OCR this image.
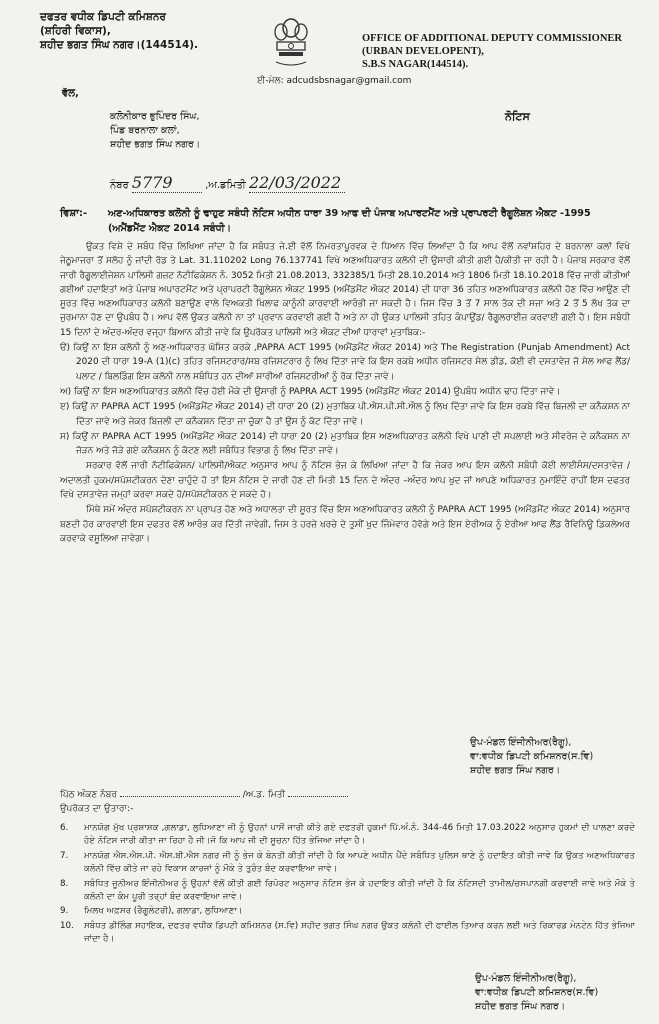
ਦਫਤਰ ਵਧੀਕ ਡਿਪਟੀ ਕਮਿਸ਼ਨਰ
(ਸ਼ਹਿਰੀ ਵਿਕਾਸ),
ਸ਼ਹੀਦ ਭਗਤ ਸਿੰਘ ਨਗਰ।(144514).
OFFICE OF ADDITIONAL DEPUTY COMMISSIONER
(URBAN DEVELOPENT),
S.B.S NAGAR(144514).
ਈ-ਮੇਲ: adcudsbsnagar@gmail.com
ਵੱਲ,
ਕਲੋਨੀਕਾਰ ਭੁਪਿੰਦਰ ਸਿੰਘ,
ਪਿੰਡ ਬਰਨਾਲਾ ਕਲਾਂ,
ਸ਼ਹੀਦ ਭਗਤ ਸਿੰਘ ਨਗਰ।
ਨੋਟਿਸ
ਨੰਬਰ 5779	,ਅ.ਡਮਿਤੀ 22/03/2022
ਵਿਸ਼ਾ:- ਅਣ-ਅਧਿਕਾਰਤ ਕਲੋਨੀ ਨੂੰ ਢਾਹੁਣ ਸਬੰਧੀ ਨੋਟਿਸ ਅਧੀਨ ਧਾਰਾ 39 ਆਫ ਦੀ ਪੰਜਾਬ ਅਪਾਰਟਮੈਂਟ ਅਤੇ ਪ੍ਰਾਪਰਟੀ ਰੈਗੂਲੇਸ਼ਨ ਐਕਟ -1995 (ਅਮੈਂਡਮੈਂਟ ਐਕਟ 2014 ਸਬੰਧੀ।

ਉਕਤ ਵਿਸ਼ੇ ਦੇ ਸਬੰਧ ਵਿੱਚ ਲਿਖਿਆ ਜਾਂਦਾ ਹੈ ਕਿ ਸਬੰਧਤ ਜੇ.ਈ ਵੱਲੋਂ ਨਿਮਰਤਾਪੂਰਵਕ ਦੇ ਧਿਆਨ ਵਿੱਚ ਲਿਆਂਦਾ ਹੈ ਕਿ ਆਪ ਵੱਲੋਂ ਨਵਾਂਸ਼ਹਿਰ ਦੇ ਬਰਨਾਲਾ ਕਲਾਂ ਵਿਖੇ ਜੇਠੂਮਾਜਰਾ ਤੋਂ ਸਲੋਹ ਨੂੰ ਜਾਂਦੀ ਰੋਡ ਤੇ Lat. 31.110202 Long 76.137741 ਵਿਖੇ ਅਣਅਧਿਕਾਰਤ ਕਲੋਨੀ ਦੀ ਉਸਾਰੀ ਕੀਤੀ ਗਈ ਹੈ/ਕੀਤੀ ਜਾ ਰਹੀ ਹੈ। ਪੰਜਾਬ ਸਰਕਾਰ ਵੱਲੋਂ ਜਾਰੀ ਰੈਗੂਲਾਈਜੇਸ਼ਨ ਪਾਲਿਸੀ ਗਜ਼ਟ ਨੋਟੀਫਿਕੇਸ਼ਨ ਨੰ. 3052 ਮਿਤੀ 21.08.2013, 332385/1 ਮਿਤੀ 28.10.2014 ਅਤੇ 1806 ਮਿਤੀ 18.10.2018 ਵਿੱਚ ਜਾਰੀ ਕੀਤੀਆਂ ਗਈਆਂ ਹਦਾਇਤਾਂ ਅਤੇ ਪੰਜਾਬ ਅਪਾਰਟਮੈਂਟ ਅਤੇ ਪ੍ਰਾਪਰਟੀ ਰੈਗੂਲੇਸ਼ਨ ਐਕਟ 1995 (ਅਮੈਂਡਮੈਂਟ ਐਕਟ 2014) ਦੀ ਧਾਰਾ 36 ਤਹਿਤ ਅਣਅਧਿਕਾਰਤ ਕਲੋਨੀ ਹੋਣ ਵਿੱਚ ਆਉਣ ਦੀ ਸੂਰਤ ਵਿੱਚ ਅਣਅਧਿਕਾਰਤ ਕਲੋਨੀ ਬਣਾਉਣ ਵਾਲੇ ਵਿਅਕਤੀ ਖਿਲਾਫ ਕਾਨੂੰਨੀ ਕਾਰਵਾਈ ਆਰੰਭੀ ਜਾ ਸਕਦੀ ਹੈ। ਜਿਸ ਵਿੱਚ 3 ਤੋਂ 7 ਸਾਲ ਤੱਕ ਦੀ ਸਜਾ ਅਤੇ 2 ਤੋਂ 5 ਲੱਖ ਤੱਕ ਦਾ ਜੁਰਮਾਨਾ ਹੋਣ ਦਾ ਉਪਬੰਧ ਹੈ। ਆਪ ਵੱਲੋਂ ਉਕਤ ਕਲੋਨੀ ਨਾ ਤਾਂ ਪ੍ਰਵਾਨ ਕਰਵਾਈ ਗਈ ਹੈ ਅਤੇ ਨਾ ਹੀ ਉਕਤ ਪਾਲਿਸੀ ਤਹਿਤ ਕੰਪਾਉਂਡ/ ਰੈਗੂਲਰਾਈਜ਼ ਕਰਵਾਈ ਗਈ ਹੈ। ਇਸ ਸਬੰਧੀ 15 ਦਿਨਾਂ ਦੇ ਅੰਦਰ-ਅੰਦਰ ਵਜ੍ਹਾ ਬਿਆਨ ਕੀਤੀ ਜਾਵੇ ਕਿ ਉਪਰੋਕਤ ਪਾਲਿਸੀ ਅਤੇ ਐਕਟ ਦੀਆਂ ਧਾਰਾਵਾਂ ਮੁਤਾਬਿਕ:-

ੳ) ਕਿਉਂ ਨਾ ਇਸ ਕਲੋਨੀ ਨੂੰ ਅਣ-ਅਧਿਕਾਰਤ ਘੋਸ਼ਿਤ ਕਰਕੇ ,PAPRA ACT 1995 (ਅਮੈਂਡਮੈਂਟ ਐਕਟ 2014) ਅਤੇ The Registration (Punjab Amendment) Act 2020 ਦੀ ਧਾਰਾ 19-A (1)(c) ਤਹਿਤ ਰਜਿਸਟਰਾਰ/ਸਬ ਰਜਿਸਟਰਾਰ ਨੂੰ ਲਿਖ ਦਿੱਤਾ ਜਾਵੇ ਕਿ ਇਸ ਰਕਬੇ ਅਧੀਨ ਰਜਿਸਟਰ ਸੇਲ ਡੀਡ, ਕੋਈ ਵੀ ਦਸਤਾਵੇਜ਼ ਜੋ ਸੇਲ ਆਫ ਲੈਂਡ/ ਪਲਾਟ / ਬਿਲਡਿੰਗ ਇਸ ਕਲੋਨੀ ਨਾਲ ਸਬੰਧਿਤ ਹਨ ਦੀਆਂ ਸਾਰੀਆਂ ਰਜਿਸਟਰੀਆਂ ਨੂੰ ਰੋਕ ਦਿੱਤਾ ਜਾਵੇ।

ਅ) ਕਿਉਂ ਨਾ ਇਸ ਅਣਅਧਿਕਾਰਤ ਕਲੋਨੀ ਵਿੱਚ ਹੋਈ ਮੌਕੇ ਦੀ ਉਸਾਰੀ ਨੂੰ PAPRA ACT 1995 (ਅਮੈਂਡਮੈਂਟ ਐਕਟ 2014) ਉਪਬੰਧ ਅਧੀਨ ਢਾਹ ਦਿੱਤਾ ਜਾਵੇ।

ੲ) ਕਿਉਂ ਨਾ PAPRA ACT 1995 (ਅਮੈਂਡਮੈਂਟ ਐਕਟ 2014) ਦੀ ਧਾਰਾ 20 (2) ਮੁਤਾਬਿਕ ਪੀ.ਐਸ.ਪੀ.ਸੀ.ਐਲ ਨੂੰ ਲਿਖ ਦਿੱਤਾ ਜਾਵੇ ਕਿ ਇਸ ਰਕਬੇ ਵਿੱਚ ਬਿਜਲੀ ਦਾ ਕਨੈਕਸ਼ਨ ਨਾ ਦਿੱਤਾ ਜਾਵੇ ਅਤੇ ਜੇਕਰ ਬਿਜਲੀ ਦਾ ਕਨੈਕਸ਼ਨ ਦਿੱਤਾ ਜਾ ਚੁੱਕਾ ਹੈ ਤਾਂ ਉਸ ਨੂੰ ਕੱਟ ਦਿੱਤਾ ਜਾਵੇ।

ਸ) ਕਿਉਂ ਨਾ PAPRA ACT 1995 (ਅਮੈਂਡਮੈਂਟ ਐਕਟ 2014) ਦੀ ਧਾਰਾ 20 (2) ਮੁਤਾਬਿਕ ਇਸ ਅਣਅਧਿਕਾਰਤ ਕਲੋਨੀ ਵਿਖੇ ਪਾਣੀ ਦੀ ਸਪਲਾਈ ਅਤੇ ਸੀਵਰੇਜ ਦੇ ਕਨੈਕਸ਼ਨ ਨਾ ਜੋੜਨ ਅਤੇ ਜੋੜੇ ਗਏ ਕਨੈਕਸ਼ਨ ਨੂੰ ਕੱਟਣ ਲਈ ਸਬੰਧਿਤ ਵਿਭਾਗ ਨੂੰ ਲਿਖ ਦਿੱਤਾ ਜਾਵੇ।

ਸਰਕਾਰ ਵੱਲੋਂ ਜਾਰੀ ਨੋਟੀਫਿਕੇਸ਼ਨ/ ਪਾਲਿਸੀ/ਐਕਟ ਅਨੁਸਾਰ ਆਪ ਨੂੰ ਨੋਟਿਸ ਭੇਜ ਕੇ ਲਿਖਿਆ ਜਾਂਦਾ ਹੈ ਕਿ ਜੇਕਰ ਆਪ ਇਸ ਕਲੋਨੀ ਸਬੰਧੀ ਕੋਈ ਲਾਈਸੰਸ/ਦਸਤਾਵੇਜ਼ /ਅਦਾਲਤੀ ਹੁਕਮ/ਸਪੱਸ਼ਟੀਕਰਨ ਦੇਣਾ ਚਾਹੁੰਦੇ ਹੋ ਤਾਂ ਇਸ ਨੋਟਿਸ ਦੇ ਜਾਰੀ ਹੋਣ ਦੀ ਮਿਤੀ 15 ਦਿਨ ਦੇ ਅੰਦਰ –ਅੰਦਰ ਆਪ ਖੁਦ ਜਾਂ ਆਪਣੇ ਅਧਿਕਾਰਤ ਨੁਮਾਇੰਦੇ ਰਾਹੀਂ ਇਸ ਦਫਤਰ ਵਿਖੇ ਦਸਤਾਵੇਜ਼ ਜਮ੍ਹਾਂ ਕਰਵਾ ਸਕਦੇ ਹੋ/ਸਪੱਸ਼ਟੀਕਰਨ ਦੇ ਸਕਦੇ ਹੋ।

ਮਿੱਥੇ ਸਮੇਂ ਅੰਦਰ ਸਪੱਸ਼ਟੀਕਰਨ ਨਾ ਪ੍ਰਾਪਤ ਹੋਣ ਅਤੇ ਅਧਾਲਤਾ ਦੀ ਸੂਰਤ ਵਿੱਚ ਇਸ ਅਣਅਧਿਕਾਰਤ ਕਲੋਨੀ ਨੂੰ PAPRA ACT 1995 (ਅਮੈਂਡਮੈਂਟ ਐਕਟ 2014) ਅਨੁਸਾਰ ਬਣਦੀ ਹੋਰ ਕਾਰਵਾਈ ਇਸ ਦਫਤਰ ਵੱਲੋਂ ਆਰੰਭ ਕਰ ਦਿੱਤੀ ਜਾਵੇਗੀ, ਜਿਸ ਤੇ ਹਰਜ਼ੇ ਖਰਚੇ ਦੇ ਤੁਸੀਂ ਖੁਦ ਜਿੰਮੇਵਾਰ ਹੋਵੋਗੇ ਅਤੇ ਇਸ ਏਰੀਅਕ ਨੂੰ ਏਰੀਆ ਆਫ ਲੈਂਡ ਰੈਵਿਨਿਊ ਡਿਕਲੇਅਰ ਕਰਵਾਕੇ ਵਸੂਲਿਆ ਜਾਵੇਗਾ।

ਉਪ-ਮੰਡਲ ਇੰਜੀਨੀਅਰ(ਰੈਗੂ),
ਵਾ:ਵਧੀਕ ਡਿਪਟੀ ਕਮਿਸ਼ਨਰ(ਸ.ਵਿ)
ਸ਼ਹੀਦ ਭਗਤ ਸਿੰਘ ਨਗਰ।
ਪਿੱਠ ਅੰਕਣ ਨੰਬਰ	/ਅ.ਡ. ਮਿਤੀ
ਉਪਰੋਕਤ ਦਾ ਉਤਾਰਾ:-
6.	ਮਾਨਯੋਗ ਮੁੱਖ ਪ੍ਰਸ਼ਾਸ਼ਕ ,ਗਲਾਡਾ, ਲੁਧਿਆਣਾ ਜੀ ਨੂੰ ਉਹਨਾਂ ਪਾਸੋਂ ਜਾਰੀ ਕੀਤੇ ਗਏ ਦਫਤਰੀ ਹੁਕਮਾਂ ਪਿੱ.ਅੰ.ਨੰ. 344-46 ਮਿਤੀ 17.03.2022 ਅਨੁਸਾਰ ਹੁਕਮਾਂ ਦੀ ਪਾਲਣਾ ਕਰਦੇ ਹੋਏ ਨੋਟਿਸ ਜਾਰੀ ਕੀਤਾ ਜਾ ਰਿਹਾ ਹੈ ਜੀ।ਜੋ ਕਿ ਆਪ ਜੀ ਦੀ ਸੂਚਨਾ ਹਿੱਤ ਭੇਜਿਆ ਜਾਂਦਾ ਹੈ।
7.	ਮਾਨਯੋਗ ਐਸ.ਐਸ.ਪੀ. ਐਸ.ਬੀ.ਐਸ ਨਗਰ ਜੀ ਨੂੰ ਭੇਜ ਕੇ ਬੇਨਤੀ ਕੀਤੀ ਜਾਂਦੀ ਹੈ ਕਿ ਆਪਣੇ ਅਧੀਨ ਪੈਂਦੇ ਸਬੰਧਿਤ ਪੁਲਿਸ ਥਾਣੇ ਨੂੰ ਹਦਾਇਤ ਕੀਤੀ ਜਾਵੇ ਕਿ ਉਕਤ ਅਣਅਧਿਕਾਰਤ ਕਲੋਨੀ ਵਿੱਚ ਕੀਤੇ ਜਾ ਰਹੇ ਵਿਕਾਸ ਕਾਰਜਾਂ ਨੂੰ ਮੌਕੇ ਤੇ ਤੁਰੰਤ ਬੰਦ ਕਰਵਾਇਆ ਜਾਵੇ।
8.	ਸਬੰਧਿਤ ਜੂਨੀਅਰ ਇੰਜੀਨੀਅਰ ਨੂੰ ਉਹਨਾਂ ਵੱਲੋਂ ਕੀਤੀ ਗਈ ਰਿਪੋਰਟ ਅਨੁਸਾਰ ਨੋਟਿਸ ਭੇਜ ਕੇ ਹਦਾਇਤ ਕੀਤੀ ਜਾਂਦੀ ਹੈ ਕਿ ਨੋਟਿਸਦੀ ਤਾਮੀਲ/ਚਸਪਾਨਗੀ ਕਰਵਾਈ ਜਾਵੇ ਅਤੇ ਮੌਕੇ ਤੇ ਕਲੋਨੀ ਦਾ ਕੰਮ ਪੂਰੀ ਤਰ੍ਹਾਂ ਬੰਦ ਕਰਵਾਇਆ ਜਾਵੇ।
9.	ਮਿਲਖ ਅਫ਼ਸਰ (ਰੈਗੂਲੇਟਰੀ), ਗਲਾਡਾ, ਲੁਧਿਆਣਾ।
10.	ਸਬੰਧਤ ਡੀਲਿੰਗ ਸਹਾਇਕ, ਦਫਤਰ ਵਧੀਕ ਡਿਪਟੀ ਕਮਿਸ਼ਨਰ (ਸ.ਵਿ) ਸ਼ਹੀਦ ਭਗਤ ਸਿੰਘ ਨਗਰ ਉਕਤ ਕਲੋਨੀ ਦੀ ਫਾਈਲ ਤਿਆਰ ਕਰਨ ਲਈ ਅਤੇ ਰਿਕਾਰਡ ਮੇਨਟੇਨ ਹਿੱਤ ਭੇਜਿਆ ਜਾਂਦਾ ਹੈ।
ਉਪ-ਮੰਡਲ ਇੰਜੀਨੀਅਰ(ਰੈਗੂ),
ਵਾ:ਵਧੀਕ ਡਿਪਟੀ ਕਮਿਸ਼ਨਰ(ਸ.ਵਿ)
ਸ਼ਹੀਦ ਭਗਤ ਸਿੰਘ ਨਗਰ।
